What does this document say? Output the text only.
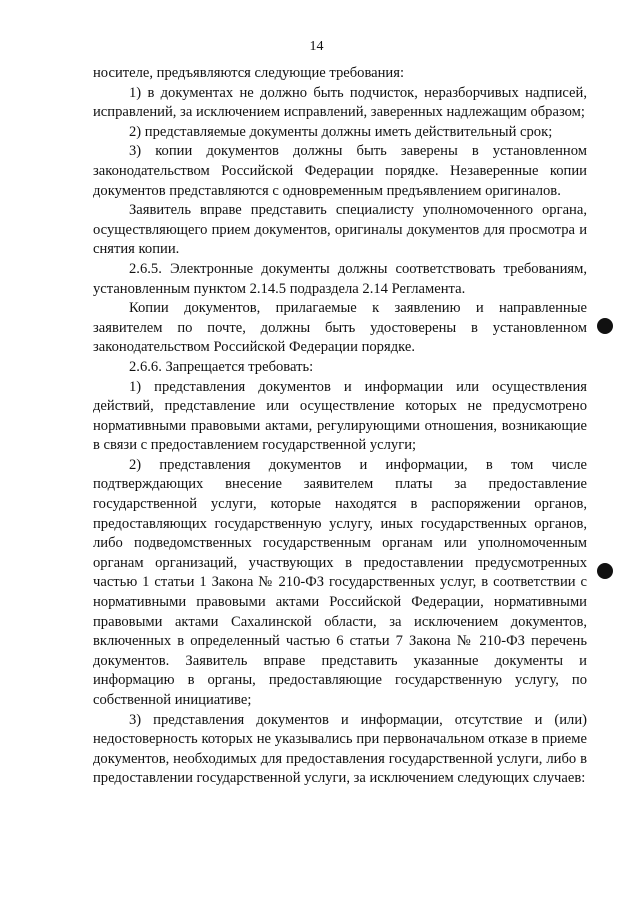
14

носителе, предъявляются следующие требования:

1) в документах не должно быть подчисток, неразборчивых надписей, исправлений, за исключением исправлений, заверенных надлежащим образом;

2) представляемые документы должны иметь действительный срок;

3) копии документов должны быть заверены в установленном законодательством Российской Федерации порядке. Незаверенные копии документов представляются с одновременным предъявлением оригиналов.

Заявитель вправе представить специалисту уполномоченного органа, осуществляющего прием документов, оригиналы документов для просмотра и снятия копии.

2.6.5. Электронные документы должны соответствовать требованиям, установленным пунктом 2.14.5 подраздела 2.14 Регламента.

Копии документов, прилагаемые к заявлению и направленные заявителем по почте, должны быть удостоверены в установленном законодательством Российской Федерации порядке.

2.6.6. Запрещается требовать:

1) представления документов и информации или осуществления действий, представление или осуществление которых не предусмотрено нормативными правовыми актами, регулирующими отношения, возникающие в связи с предоставлением государственной услуги;

2) представления документов и информации, в том числе подтверждающих внесение заявителем платы за предоставление государственной услуги, которые находятся в распоряжении органов, предоставляющих государственную услугу, иных государственных органов, либо подведомственных государственным органам или уполномоченным органам организаций, участвующих в предоставлении предусмотренных частью 1 статьи 1 Закона № 210-ФЗ государственных услуг, в соответствии с нормативными правовыми актами Российской Федерации, нормативными правовыми актами Сахалинской области, за исключением документов, включенных в определенный частью 6 статьи 7 Закона № 210-ФЗ перечень документов. Заявитель вправе представить указанные документы и информацию в органы, предоставляющие государственную услугу, по собственной инициативе;

3) представления документов и информации, отсутствие и (или) недостоверность которых не указывались при первоначальном отказе в приеме документов, необходимых для предоставления государственной услуги, либо в предоставлении государственной услуги, за исключением следующих случаев:
